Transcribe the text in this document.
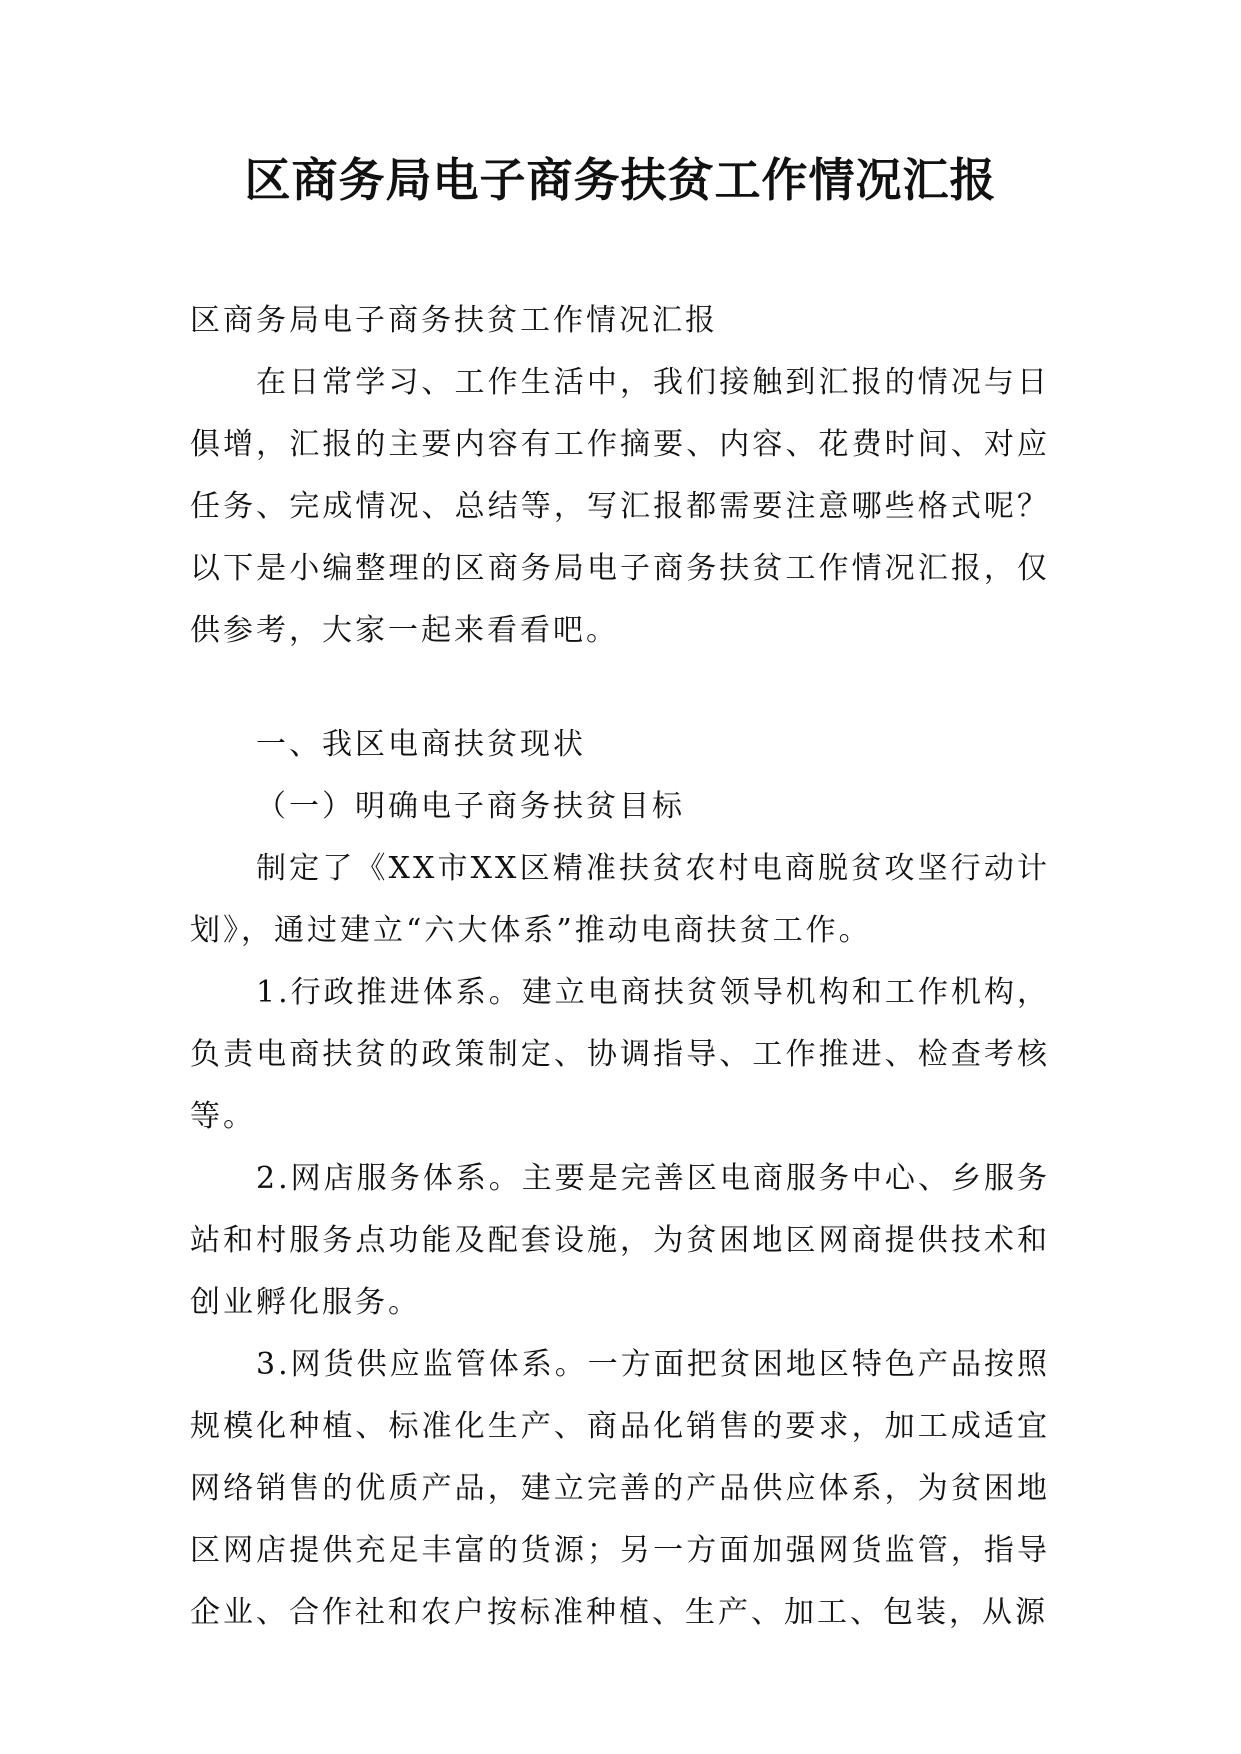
区商务局电子商务扶贫工作情况汇报

区商务局电子商务扶贫工作情况汇报

在日常学习、工作生活中，我们接触到汇报的情况与日俱增，汇报的主要内容有工作摘要、内容、花费时间、对应任务、完成情况、总结等，写汇报都需要注意哪些格式呢？以下是小编整理的区商务局电子商务扶贫工作情况汇报，仅供参考，大家一起来看看吧。

一、我区电商扶贫现状

（一）明确电子商务扶贫目标

制定了《XX市XX区精准扶贫农村电商脱贫攻坚行动计划》，通过建立“六大体系”推动电商扶贫工作。

1.行政推进体系。建立电商扶贫领导机构和工作机构，负责电商扶贫的政策制定、协调指导、工作推进、检查考核等。

2.网店服务体系。主要是完善区电商服务中心、乡服务站和村服务点功能及配套设施，为贫困地区网商提供技术和创业孵化服务。

3.网货供应监管体系。一方面把贫困地区特色产品按照规模化种植、标准化生产、商品化销售的要求，加工成适宜网络销售的优质产品，建立完善的产品供应体系，为贫困地区网店提供充足丰富的货源；另一方面加强网货监管，指导企业、合作社和农户按标准种植、生产、加工、包装，从源
